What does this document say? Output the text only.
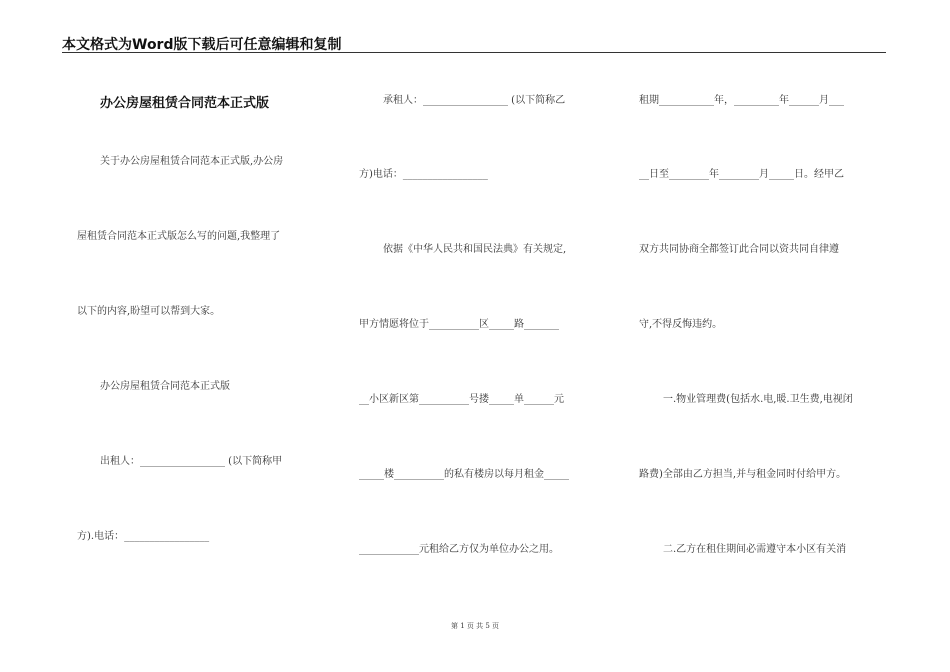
本文格式为Word版下载后可任意编辑和复制
办公房屋租赁合同范本正式版
关于办公房屋租赁合同范本正式版,办公房
屋租赁合同范本正式版怎么写的问题,我整理了
以下的内容,盼望可以帮到大家。
办公房屋租赁合同范本正式版
出租人：_________________ (以下简称甲
方).电话：_________________
承租人：_________________ (以下简称乙
方)电话：_________________
依据《中华人民共和国民法典》有关规定,
甲方情愿将位于__________区_____路_______
__小区新区第__________号搂_____单______元
_____楼__________的私有楼房以每月租金_____
____________元租给乙方仅为单位办公之用。
租期___________年，_________年______月___
__日至________年________月_____日。经甲乙
双方共同协商全都签订此合同以资共同自律遵
守,不得反悔违约。
一.物业管理费(包括水.电,暖.卫生费,电视闭
路费)全部由乙方担当,并与租金同时付给甲方。
二.乙方在租住期间必需遵守本小区有关消
第 1 页 共 5 页
